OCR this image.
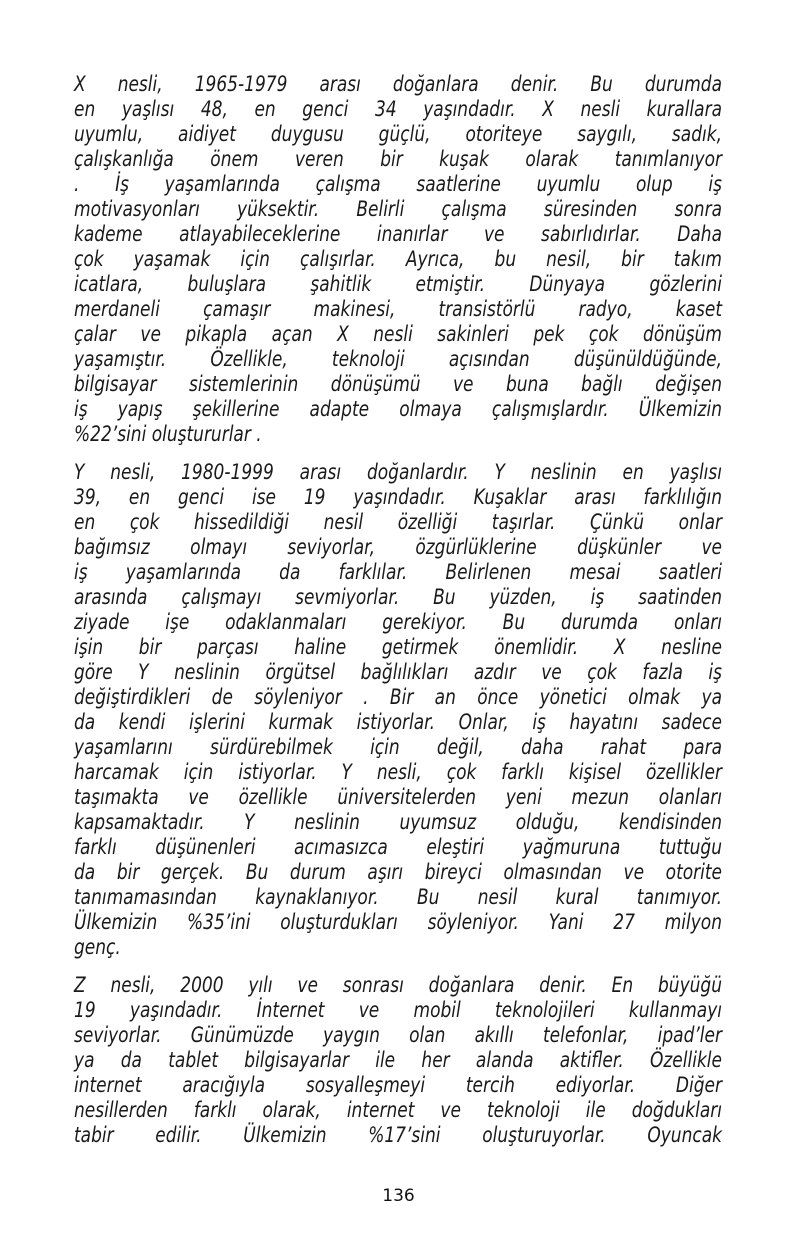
X nesli, 1965-1979 arası doğanlara denir. Bu durumda
en yaşlısı 48, en genci 34 yaşındadır. X nesli kurallara
uyumlu, aidiyet duygusu güçlü, otoriteye saygılı, sadık,
çalışkanlığa önem veren bir kuşak olarak tanımlanıyor
. İş yaşamlarında çalışma saatlerine uyumlu olup iş
motivasyonları yüksektir. Belirli çalışma süresinden sonra
kademe atlayabileceklerine inanırlar ve sabırlıdırlar. Daha
çok yaşamak için çalışırlar. Ayrıca, bu nesil, bir takım
icatlara, buluşlara şahitlik etmiştir. Dünyaya gözlerini
merdaneli çamaşır makinesi, transistörlü radyo, kaset
çalar ve pikapla açan X nesli sakinleri pek çok dönüşüm
yaşamıştır. Özellikle, teknoloji açısından düşünüldüğünde,
bilgisayar sistemlerinin dönüşümü ve buna bağlı değişen
iş yapış şekillerine adapte olmaya çalışmışlardır. Ülkemizin
%22’sini oluştururlar .
Y nesli, 1980-1999 arası doğanlardır. Y neslinin en yaşlısı
39, en genci ise 19 yaşındadır. Kuşaklar arası farklılığın
en çok hissedildiği nesil özelliği taşırlar. Çünkü onlar
bağımsız olmayı seviyorlar, özgürlüklerine düşkünler ve
iş yaşamlarında da farklılar. Belirlenen mesai saatleri
arasında çalışmayı sevmiyorlar. Bu yüzden, iş saatinden
ziyade işe odaklanmaları gerekiyor. Bu durumda onları
işin bir parçası haline getirmek önemlidir. X nesline
göre Y neslinin örgütsel bağlılıkları azdır ve çok fazla iş
değiştirdikleri de söyleniyor . Bir an önce yönetici olmak ya
da kendi işlerini kurmak istiyorlar. Onlar, iş hayatını sadece
yaşamlarını sürdürebilmek için değil, daha rahat para
harcamak için istiyorlar. Y nesli, çok farklı kişisel özellikler
taşımakta ve özellikle üniversitelerden yeni mezun olanları
kapsamaktadır. Y neslinin uyumsuz olduğu, kendisinden
farklı düşünenleri acımasızca eleştiri yağmuruna tuttuğu
da bir gerçek. Bu durum aşırı bireyci olmasından ve otorite
tanımamasından kaynaklanıyor. Bu nesil kural tanımıyor.
Ülkemizin %35’ini oluşturdukları söyleniyor. Yani 27 milyon
genç.
Z nesli, 2000 yılı ve sonrası doğanlara denir. En büyüğü
19 yaşındadır. İnternet ve mobil teknolojileri kullanmayı
seviyorlar. Günümüzde yaygın olan akıllı telefonlar, ipad’ler
ya da tablet bilgisayarlar ile her alanda aktifler. Özellikle
internet aracığıyla sosyalleşmeyi tercih ediyorlar. Diğer
nesillerden farklı olarak, internet ve teknoloji ile doğdukları
tabir edilir. Ülkemizin %17’sini oluşturuyorlar. Oyuncak
136
